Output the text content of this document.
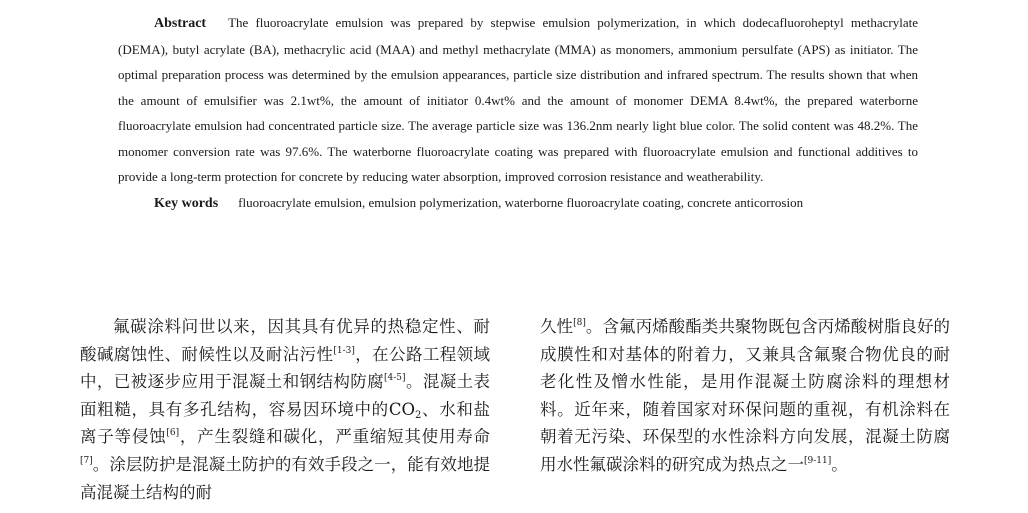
Abstract The fluoroacrylate emulsion was prepared by stepwise emulsion polymerization, in which dodecafluoroheptyl methacrylate (DEMA), butyl acrylate (BA), methacrylic acid (MAA) and methyl methacrylate (MMA) as monomers, ammonium persulfate (APS) as initiator. The optimal preparation process was determined by the emulsion appearances, particle size distribution and infrared spectrum. The results shown that when the amount of emulsifier was 2.1wt%, the amount of initiator 0.4wt% and the amount of monomer DEMA 8.4wt%, the prepared waterborne fluoroacrylate emulsion had concentrated particle size. The average particle size was 136.2nm nearly light blue color. The solid content was 48.2%. The monomer conversion rate was 97.6%. The waterborne fluoroacrylate coating was prepared with fluoroacrylate emulsion and functional additives to provide a long-term protection for concrete by reducing water absorption, improved corrosion resistance and weatherability.

Key words fluoroacrylate emulsion, emulsion polymerization, waterborne fluoroacrylate coating, concrete anticorrosion

氟碳涂料问世以来，因其具有优异的热稳定性、耐酸碱腐蚀性、耐候性以及耐沾污性[1-3]，在公路工程领域中，已被逐步应用于混凝土和钢结构防腐[4-5]。混凝土表面粗糙，具有多孔结构，容易因环境中的$CO_2$、水和盐离子等侵蚀[6]，产生裂缝和碳化，严重缩短其使用寿命[7]。涂层防护是混凝土防护的有效手段之一，能有效地提高混凝土结构的耐

久性[8]。含氟丙烯酸酯类共聚物既包含丙烯酸树脂良好的成膜性和对基体的附着力，又兼具含氟聚合物优良的耐老化性及憎水性能，是用作混凝土防腐涂料的理想材料。近年来，随着国家对环保问题的重视，有机涂料在朝着无污染、环保型的水性涂料方向发展，混凝土防腐用水性氟碳涂料的研究成为热点之一[9-11]。
